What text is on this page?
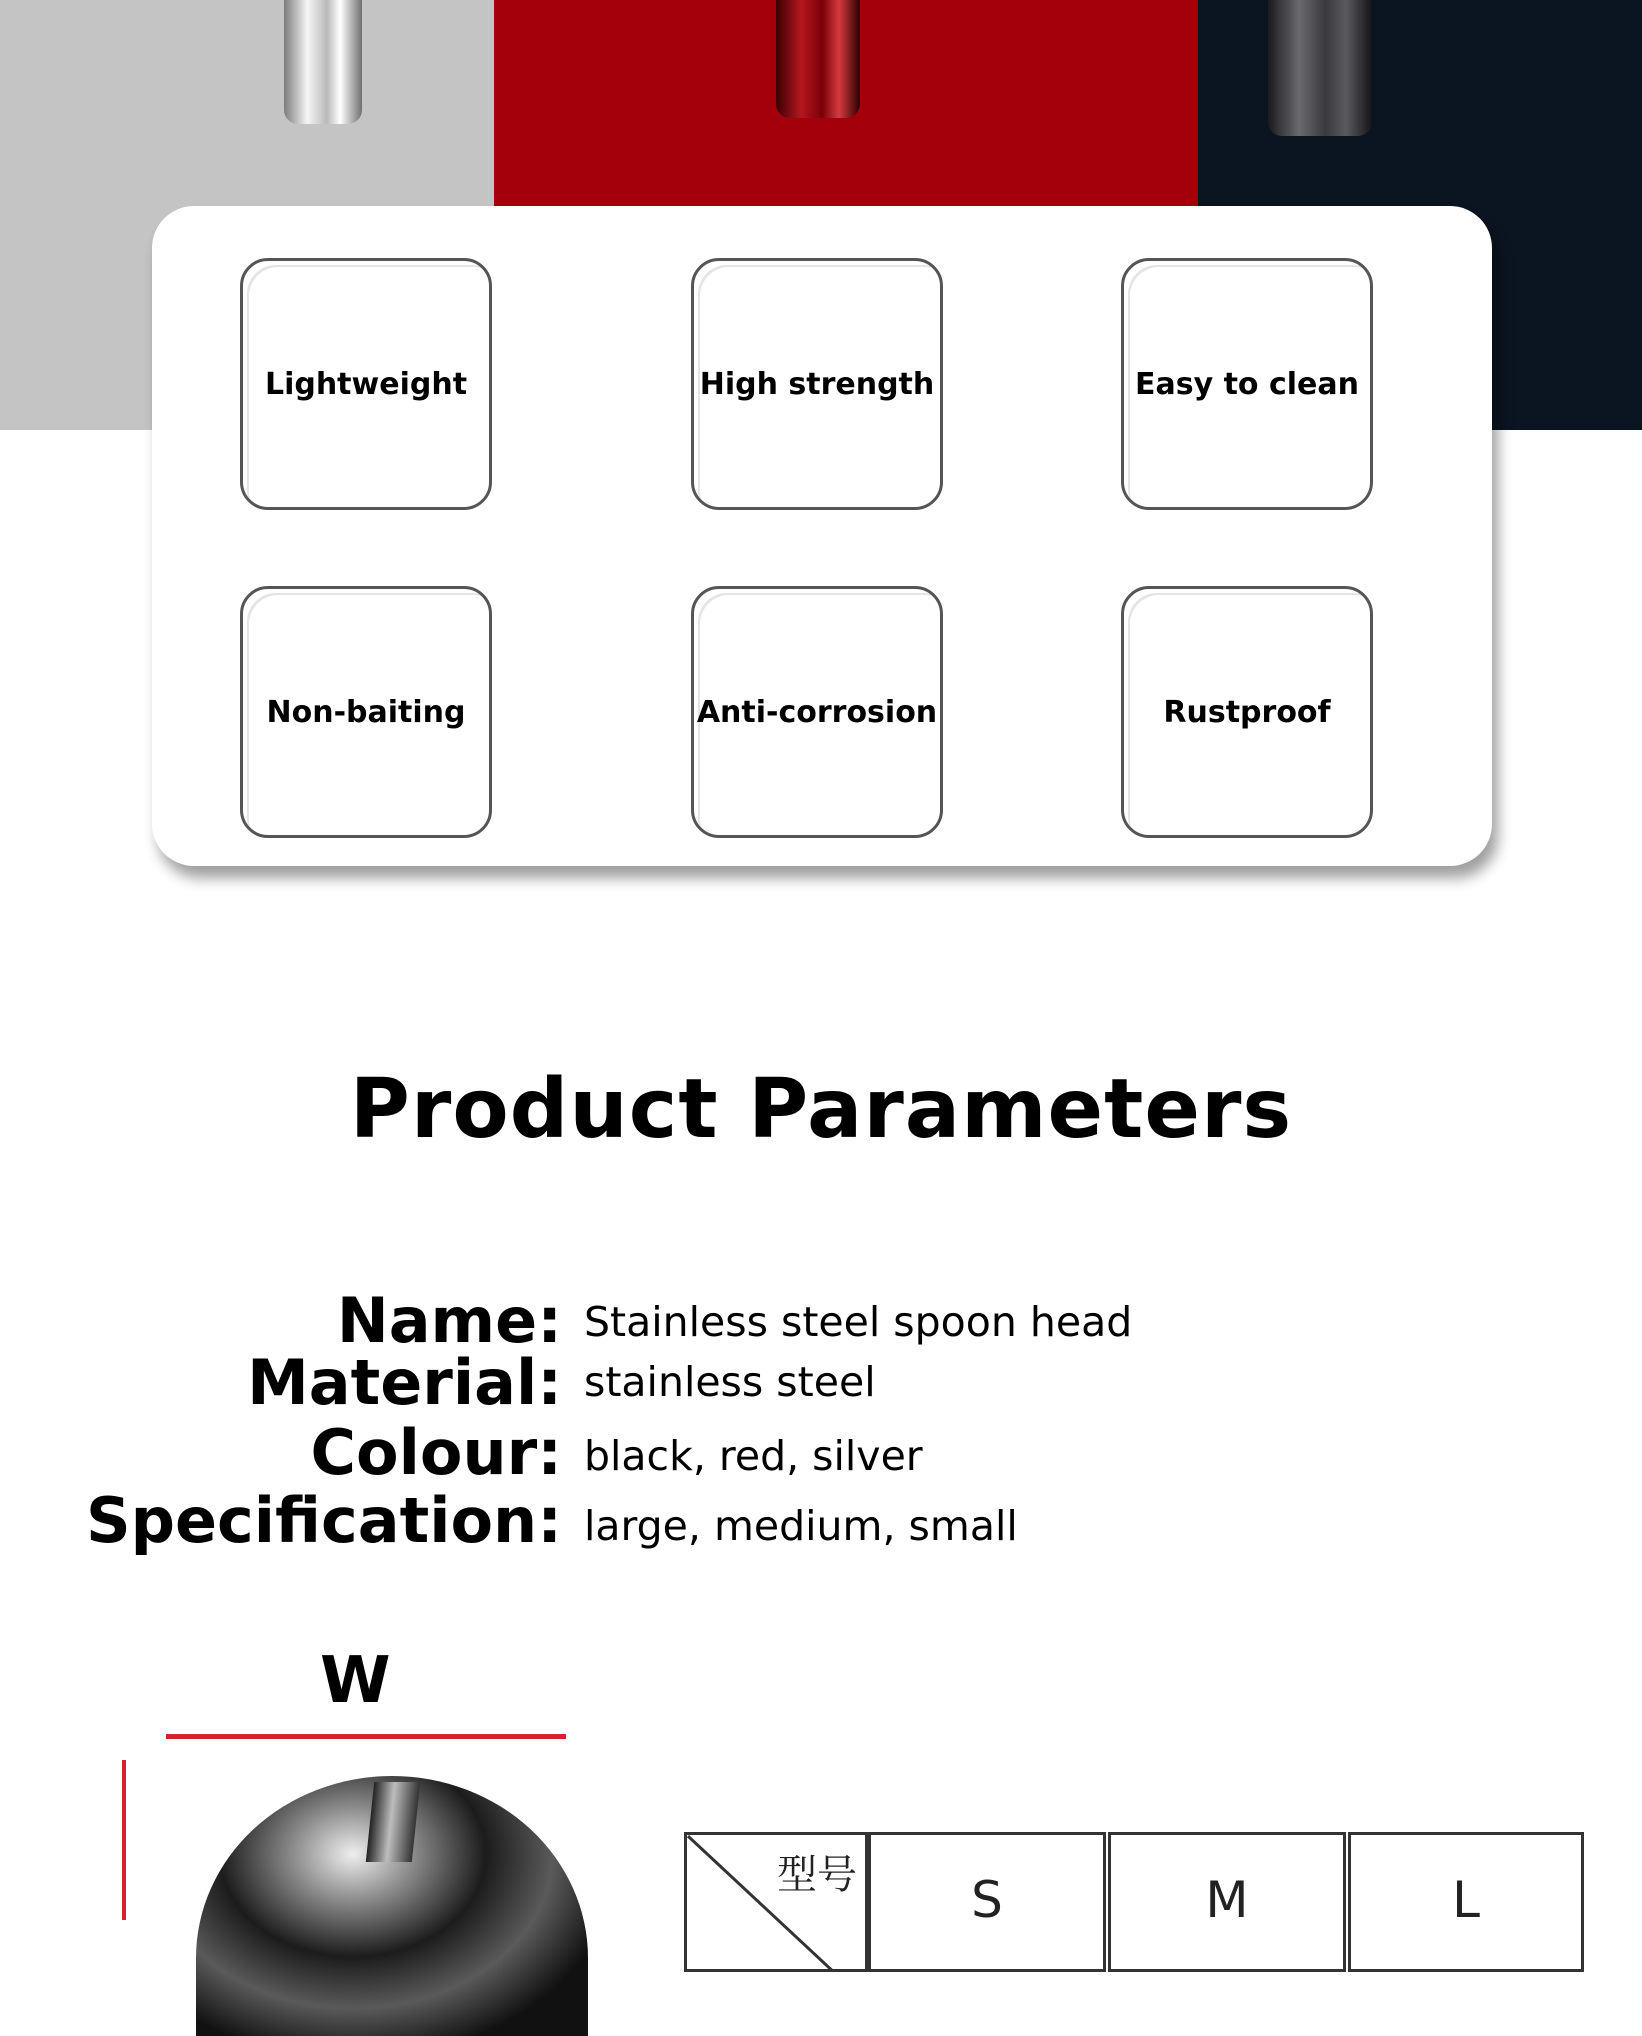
Lightweight	High strength	Easy to clean
Non-baiting	Anti-corrosion	Rustproof
Product Parameters
Name: Stainless steel spoon head
Material: stainless steel
Colour: black, red, silver
Specification: large, medium, small
W
型号 S	M	L
